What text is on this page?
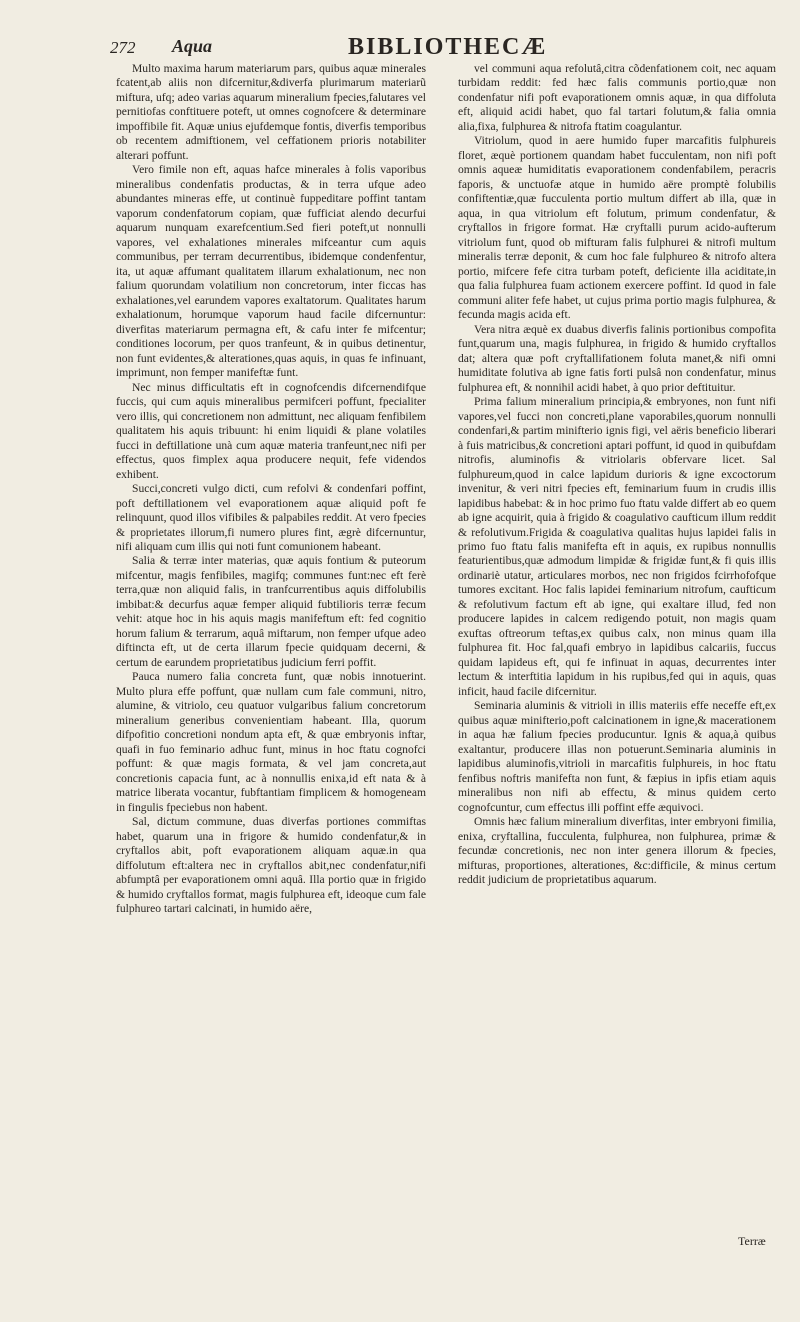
272 Aqua	BIBLIOTHECÆ

Multo maxima harum materiarum pars, quibus aquæ minerales fcatent,ab aliis non difcernitur,&diverfa plurimarum materiarũ miftura, ufq; adeo varias aquarum mineralium fpecies,falutares vel pernitiofas conftituere poteft, ut omnes cognofcere & determinare impoffibile fit. Aquæ unius ejufdemque fontis, diverfis temporibus ob recentem admiftionem, vel ceffationem prioris notabiliter alterari poffunt.

Vero fimile non eft, aquas hafce minerales à folis vaporibus mineralibus condenfatis productas, & in terra ufque adeo abundantes mineras effe, ut continuè fuppeditare poffint tantam vaporum condenfatorum copiam, quæ fufficiat alendo decurfui aquarum nunquam exarefcentium.Sed fieri poteft,ut nonnulli vapores, vel exhalationes minerales mifceantur cum aquis communibus, per terram decurrentibus, ibidemque condenfentur, ita, ut aquæ affumant qualitatem illarum exhalationum, nec non falium quorundam volatilium non concretorum, inter ficcas has exhalationes,vel earundem vapores exaltatorum. Qualitates harum exhalationum, horumque vaporum haud facile difcernuntur: diverfitas materiarum permagna eft, & cafu inter fe mifcentur; conditiones locorum, per quos tranfeunt, & in quibus detinentur, non funt evidentes,& alterationes,quas aquis, in quas fe infinuant, imprimunt, non femper manifeftæ funt.

Nec minus difficultatis eft in cognofcendis difcernendifque fuccis, qui cum aquis mineralibus permifceri poffunt, fpecialiter vero illis, qui concretionem non admittunt, nec aliquam fenfibilem qualitatem his aquis tribuunt: hi enim liquidi & plane volatiles fucci in deftillatione unà cum aquæ materia tranfeunt,nec nifi per effectus, quos fimplex aqua producere nequit, fefe videndos exhibent.

Succi,concreti vulgo dicti, cum refolvi & condenfari poffint, poft deftillationem vel evaporationem aquæ aliquid poft fe relinquunt, quod illos vifibiles & palpabiles reddit. At vero fpecies & proprietates illorum,fi numero plures fint, ægrè difcernuntur, nifi aliquam cum illis qui noti funt comunionem habeant.

Salia & terræ inter materias, quæ aquis fontium & puteorum mifcentur, magis fenfibiles, magifq; communes funt:nec eft ferè terra,quæ non aliquid falis, in tranfcurrentibus aquis diffolubilis imbibat:& decurfus aquæ femper aliquid fubtilioris terræ fecum vehit: atque hoc in his aquis magis manifeftum eft: fed cognitio horum falium & terrarum, aquâ miftarum, non femper ufque adeo diftincta eft, ut de certa illarum fpecie quidquam decerni, & certum de earundem proprietatibus judicium ferri poffit.

Pauca numero falia concreta funt, quæ nobis innotuerint. Multo plura effe poffunt, quæ nullam cum fale communi, nitro, alumine, & vitriolo, ceu quatuor vulgaribus falium concretorum mineralium generibus convenientiam habeant. Illa, quorum difpofitio concretioni nondum apta eft, & quæ embryonis inftar, quafi in fuo feminario adhuc funt, minus in hoc ftatu cognofci poffunt: & quæ magis formata, & vel jam concreta,aut concretionis capacia funt, ac à nonnullis enixa,id eft nata & à matrice liberata vocantur, fubftantiam fimplicem & homogeneam in fingulis fpeciebus non habent.

Sal, dictum commune, duas diverfas portiones commiftas habet, quarum una in frigore & humido condenfatur,& in cryftallos abit, poft evaporationem aliquam aquæ.in qua diffolutum eft:altera nec in cryftallos abit,nec condenfatur,nifi abfumptâ per evaporationem omni aquâ. Illa portio quæ in frigido & humido cryftallos format, magis fulphurea eft, ideoque cum fale fulphureo tartari calcinati, in humido aëre,

vel communi aqua refolutâ,citra cõdenfationem coit, nec aquam turbidam reddit: fed hæc falis communis portio,quæ non condenfatur nifi poft evaporationem omnis aquæ, in qua diffoluta eft, aliquid acidi habet, quo fal tartari folutum,& falia omnia alia,fixa, fulphurea & nitrofa ftatim coagulantur.

Vitriolum, quod in aere humido fuper marcafitis fulphureis floret, æquè portionem quandam habet fucculentam, non nifi poft omnis aqueæ humiditatis evaporationem condenfabilem, peracris faporis, & unctuofæ atque in humido aëre promptè folubilis confiftentiæ,quæ fucculenta portio multum differt ab illa, quæ in aqua, in qua vitriolum eft folutum, primum condenfatur, & cryftallos in frigore format. Hæ cryftalli purum acido-aufterum vitriolum funt, quod ob mifturam falis fulphurei & nitrofi multum mineralis terræ deponit, & cum hoc fale fulphureo & nitrofo altera portio, mifcere fefe citra turbam poteft, deficiente illa aciditate,in qua falia fulphurea fuam actionem exercere poffint. Id quod in fale communi aliter fefe habet, ut cujus prima portio magis fulphurea, & fecunda magis acida eft.

Vera nitra æquè ex duabus diverfis falinis portionibus compofita funt,quarum una, magis fulphurea, in frigido & humido cryftallos dat; altera quæ poft cryftallifationem foluta manet,& nifi omni humiditate folutiva ab igne fatis forti pulsâ non condenfatur, minus fulphurea eft, & nonnihil acidi habet, à quo prior deftituitur.

Prima falium mineralium principia,& embryones, non funt nifi vapores,vel fucci non concreti,plane vaporabiles,quorum nonnulli condenfari,& partim minifterio ignis figi, vel aëris beneficio liberari à fuis matricibus,& concretioni aptari poffunt, id quod in quibufdam nitrofis, aluminofis & vitriolaris obfervare licet. Sal fulphureum,quod in calce lapidum durioris & igne excoctorum invenitur, & veri nitri fpecies eft, feminarium fuum in crudis illis lapidibus habebat: & in hoc primo fuo ftatu valde differt ab eo quem ab igne acquirit, quia à frigido & coagulativo caufticum illum reddit & refolutivum.Frigida & coagulativa qualitas hujus lapidei falis in primo fuo ftatu falis manifefta eft in aquis, ex rupibus nonnullis featurientibus,quæ admodum limpidæ & frigidæ funt,& fi quis illis ordinariè utatur, articulares morbos, nec non frigidos fcirrhofofque tumores excitant. Hoc falis lapidei feminarium nitrofum, caufticum & refolutivum factum eft ab igne, qui exaltare illud, fed non producere lapides in calcem redigendo potuit, non magis quam exuftas oftreorum teftas,ex quibus calx, non minus quam illa fulphurea fit. Hoc fal,quafi embryo in lapidibus calcariis, fuccus quidam lapideus eft, qui fe infinuat in aquas, decurrentes inter lectum & interftitia lapidum in his rupibus,fed qui in aquis, quas inficit, haud facile difcernitur.

Seminaria aluminis & vitrioli in illis materiis effe neceffe eft,ex quibus aquæ minifterio,poft calcinationem in igne,& macerationem in aqua hæ falium fpecies producuntur. Ignis & aqua,à quibus exaltantur, producere illas non potuerunt.Seminaria aluminis in lapidibus aluminofis,vitrioli in marcafitis fulphureis, in hoc ftatu fenfibus noftris manifefta non funt, & fæpius in ipfis etiam aquis mineralibus non nifi ab effectu, & minus quidem certo cognofcuntur, cum effectus illi poffint effe æquivoci.

Omnis hæc falium mineralium diverfitas, inter embryoni fimilia, enixa, cryftallina, fucculenta, fulphurea, non fulphurea, primæ & fecundæ concretionis, nec non inter genera illorum & fpecies, mifturas, proportiones, alterationes, &c:difficile, & minus certum reddit judicium de proprietatibus aquarum.

Terræ
